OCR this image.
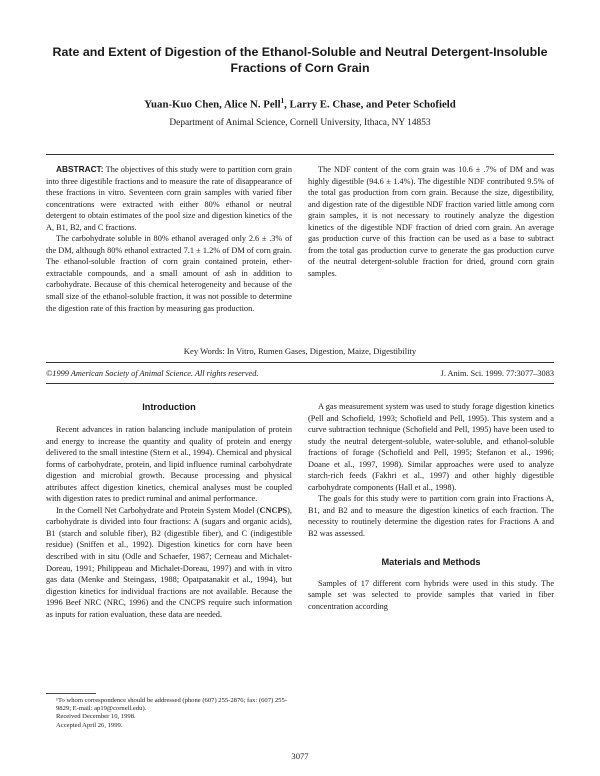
Rate and Extent of Digestion of the Ethanol-Soluble and Neutral Detergent-Insoluble Fractions of Corn Grain

Yuan-Kuo Chen, Alice N. Pell$^1$, Larry E. Chase, and Peter Schofield

Department of Animal Science, Cornell University, Ithaca, NY 14853

ABSTRACT: The objectives of this study were to partition corn grain into three digestible fractions and to measure the rate of disappearance of these fractions in vitro. Seventeen corn grain samples with varied fiber concentrations were extracted with either 80% ethanol or neutral detergent to obtain estimates of the pool size and digestion kinetics of the A, B1, B2, and C fractions.

The carbohydrate soluble in 80% ethanol averaged only 2.6 ± .3% of the DM, although 80% ethanol extracted 7.1 ± 1.2% of DM of corn grain. The ethanol-soluble fraction of corn grain contained protein, ether-extractable compounds, and a small amount of ash in addition to carbohydrate. Because of this chemical heterogeneity and because of the small size of the ethanol-soluble fraction, it was not possible to determine the digestion rate of this fraction by measuring gas production.

The NDF content of the corn grain was 10.6 ± .7% of DM and was highly digestible (94.6 ± 1.4%). The digestible NDF contributed 9.5% of the total gas production from corn grain. Because the size, digestibility, and digestion rate of the digestible NDF fraction varied little among corn grain samples, it is not necessary to routinely analyze the digestion kinetics of the digestible NDF fraction of dried corn grain. An average gas production curve of this fraction can be used as a base to subtract from the total gas production curve to generate the gas production curve of the neutral detergent-soluble fraction for dried, ground corn grain samples.

Key Words: In Vitro, Rumen Gases, Digestion, Maize, Digestibility

©1999 American Society of Animal Science. All rights reserved.	J. Anim. Sci. 1999. 77:3077–3083

Introduction

Recent advances in ration balancing include manipulation of protein and energy to increase the quantity and quality of protein and energy delivered to the small intestine (Stern et al., 1994). Chemical and physical forms of carbohydrate, protein, and lipid influence ruminal carbohydrate digestion and microbial growth. Because processing and physical attributes affect digestion kinetics, chemical analyses must be coupled with digestion rates to predict ruminal and animal performance.

In the Cornell Net Carbohydrate and Protein System Model (CNCPS), carbohydrate is divided into four fractions: A (sugars and organic acids), B1 (starch and soluble fiber), B2 (digestible fiber), and C (indigestible residue) (Sniffen et al., 1992). Digestion kinetics for corn have been described with in situ (Odle and Schaefer, 1987; Cerneau and Michalet-Doreau, 1991; Philippeau and Michalet-Doreau, 1997) and with in vitro gas data (Menke and Steingass, 1988; Opatpatanakit et al., 1994), but digestion kinetics for individual fractions are not available. Because the 1996 Beef NRC (NRC, 1996) and the CNCPS require such information as inputs for ration evaluation, these data are needed.

A gas measurement system was used to study forage digestion kinetics (Pell and Schofield, 1993; Schofield and Pell, 1995). This system and a curve subtraction technique (Schofield and Pell, 1995) have been used to study the neutral detergent-soluble, water-soluble, and ethanol-soluble fractions of forage (Schofield and Pell, 1995; Stefanon et al., 1996; Doane et al., 1997, 1998). Similar approaches were used to analyze starch-rich feeds (Fakhri et al., 1997) and other highly digestible carbohydrate components (Hall et al., 1998).

The goals for this study were to partition corn grain into Fractions A, B1, and B2 and to measure the digestion kinetics of each fraction. The necessity to routinely determine the digestion rates for Fractions A and B2 was assessed.

Materials and Methods

Samples of 17 different corn hybrids were used in this study. The sample set was selected to provide samples that varied in fiber concentration according

¹To whom correspondence should be addressed (phone (607) 255-2876; fax: (607) 255-9829; E-mail: ap19@cornell.edu).

Received December 10, 1998.

Accepted April 26, 1999.

3077
